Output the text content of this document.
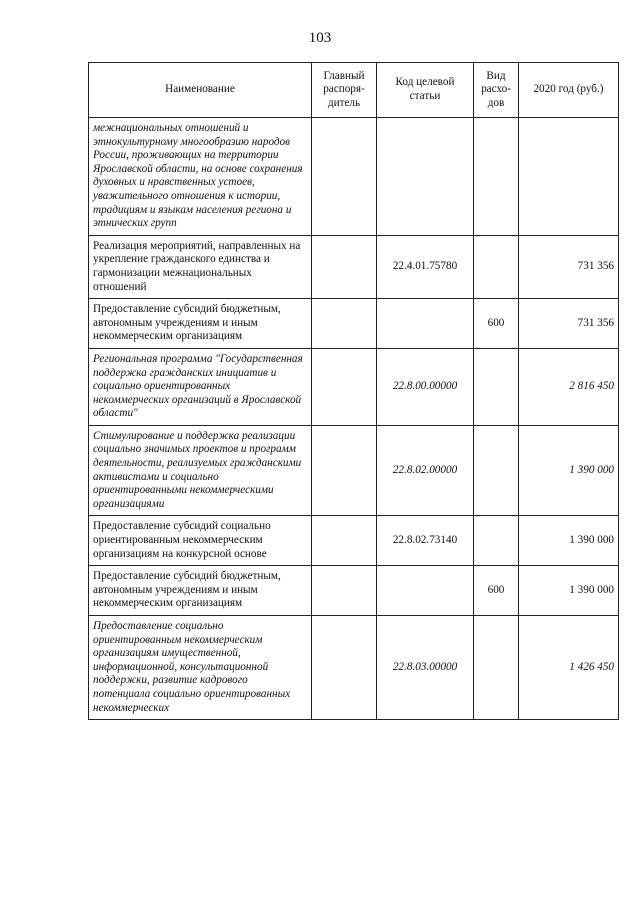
103
Наименование	Главный распоря-дитель	Код целевой статьи	Вид расхо-дов	2020 год (руб.)
межнациональных отношений и этнокультурному многообразию народов России, проживающих на территории Ярославской области, на основе сохранения духовных и нравственных устоев, уважительного отношения к истории, традициям и языкам населения региона и этнических групп				
Реализация мероприятий, направленных на укрепление гражданского единства и гармонизации межнациональных отношений		22.4.01.75780		731 356
Предоставление субсидий бюджетным, автономным учреждениям и иным некоммерческим организациям			600	731 356
Региональная программа "Государственная поддержка гражданских инициатив и социально ориентированных некоммерческих организаций в Ярославской области"		22.8.00.00000		2 816 450
Стимулирование и поддержка реализации социально значимых проектов и программ деятельности, реализуемых гражданскими активистами и социально ориентированными некоммерческими организациями		22.8.02.00000		1 390 000
Предоставление субсидий социально ориентированным некоммерческим организациям на конкурсной основе		22.8.02.73140		1 390 000
Предоставление субсидий бюджетным, автономным учреждениям и иным некоммерческим организациям			600	1 390 000
Предоставление социально ориентированным некоммерческим организациям имущественной, информационной, консультационной поддержки, развитие кадрового потенциала социально ориентированных некоммерческих		22.8.03.00000		1 426 450
